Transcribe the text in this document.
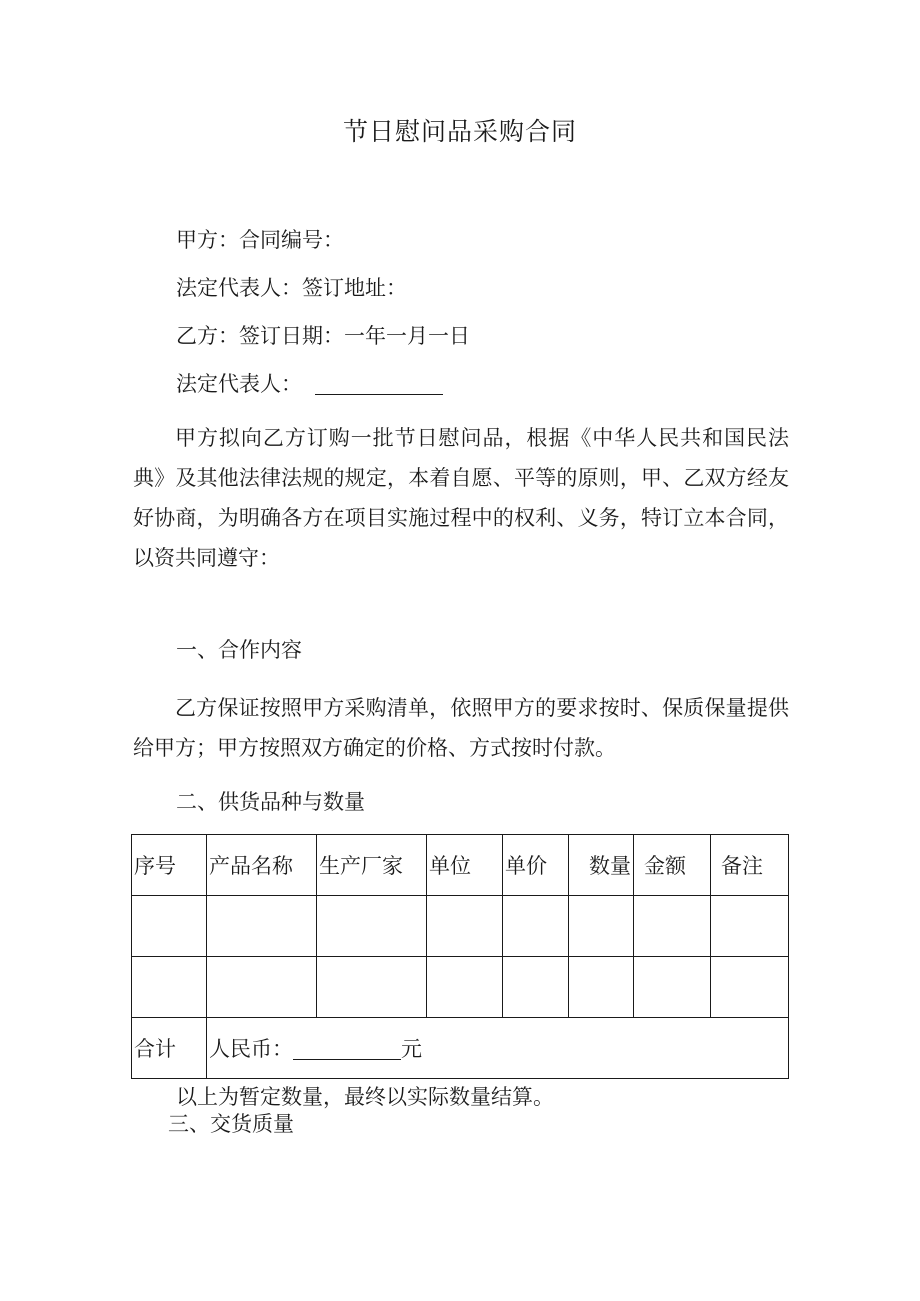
节日慰问品采购合同
甲方：合同编号：
法定代表人：签订地址：
乙方：签订日期：一年一月一日
法定代表人：
甲方拟向乙方订购一批节日慰问品，根据《中华人民共和国民法典》及其他法律法规的规定，本着自愿、平等的原则，甲、乙双方经友好协商，为明确各方在项目实施过程中的权利、义务，特订立本合同，以资共同遵守：
一、合作内容
乙方保证按照甲方采购清单，依照甲方的要求按时、保质保量提供给甲方；甲方按照双方确定的价格、方式按时付款。
二、供货品种与数量
序号	产品名称	生产厂家	单位	单价	数量	金额	备注

合计	人民币： 元						
以上为暂定数量，最终以实际数量结算。
三、交货质量
